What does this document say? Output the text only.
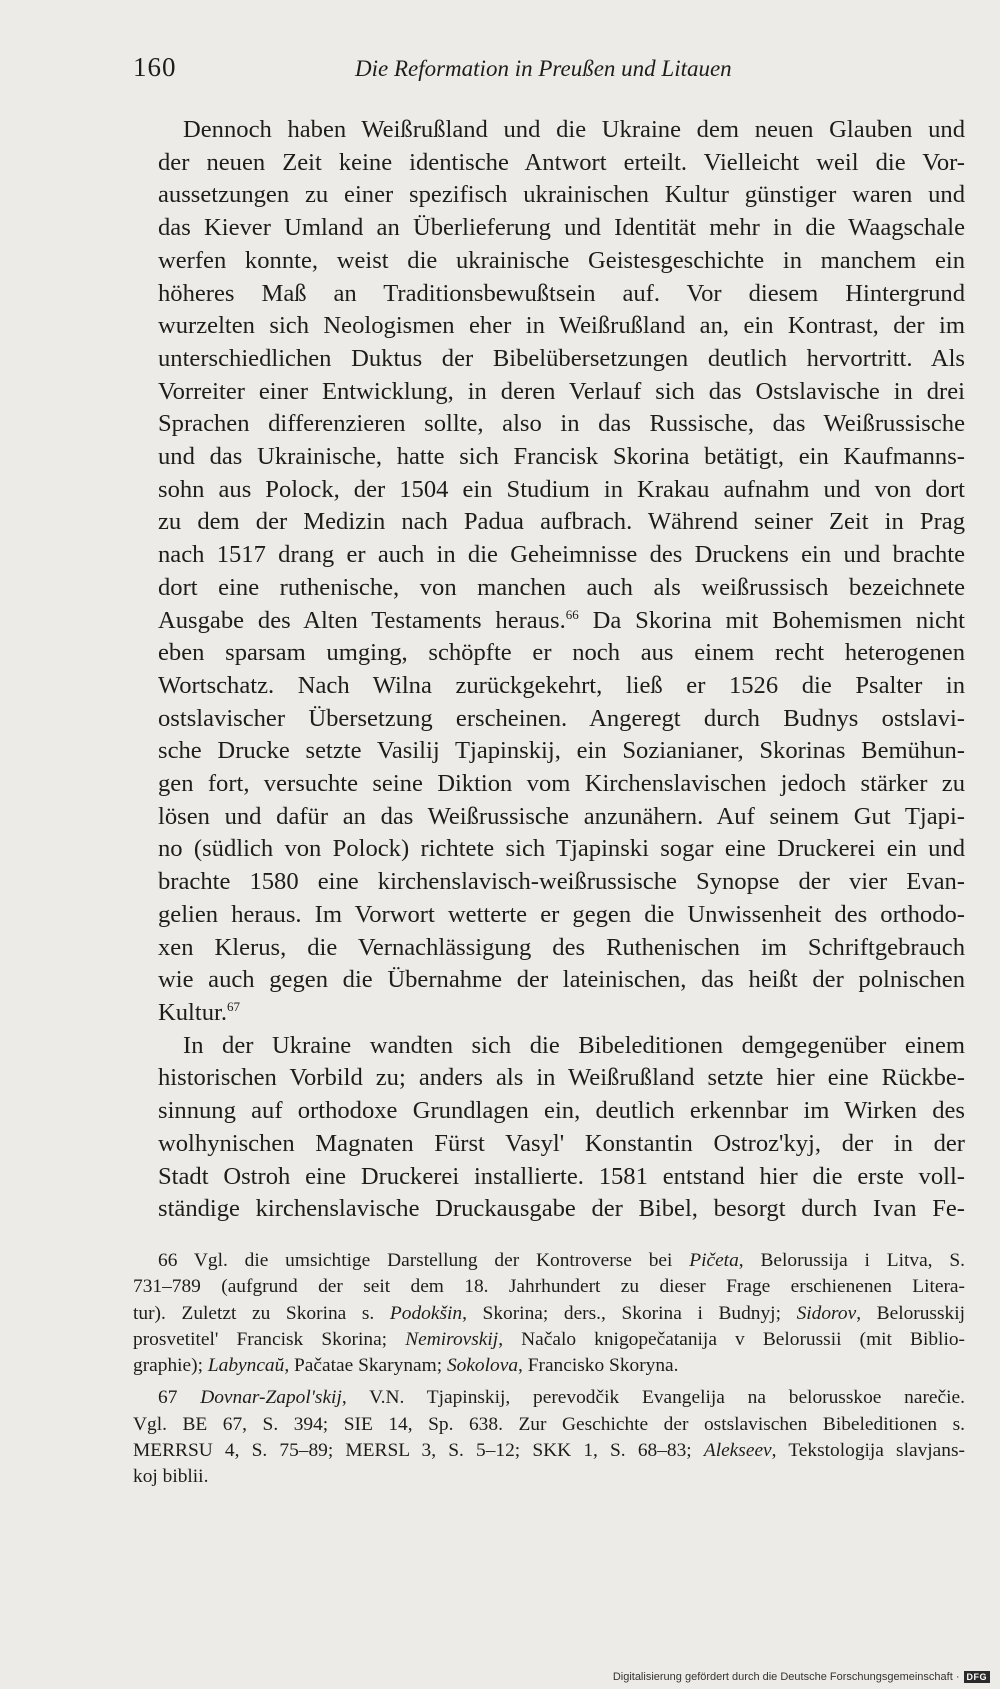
160	Die Reformation in Preußen und Litauen
Dennoch haben Weißrußland und die Ukraine dem neuen Glauben und
der neuen Zeit keine identische Antwort erteilt. Vielleicht weil die Vor-
aussetzungen zu einer spezifisch ukrainischen Kultur günstiger waren und
das Kiever Umland an Überlieferung und Identität mehr in die Waagschale
werfen konnte, weist die ukrainische Geistesgeschichte in manchem ein
höheres Maß an Traditionsbewußtsein auf. Vor diesem Hintergrund
wurzelten sich Neologismen eher in Weißrußland an, ein Kontrast, der im
unterschiedlichen Duktus der Bibelübersetzungen deutlich hervortritt. Als
Vorreiter einer Entwicklung, in deren Verlauf sich das Ostslavische in drei
Sprachen differenzieren sollte, also in das Russische, das Weißrussische
und das Ukrainische, hatte sich Francisk Skorina betätigt, ein Kaufmanns-
sohn aus Polock, der 1504 ein Studium in Krakau aufnahm und von dort
zu dem der Medizin nach Padua aufbrach. Während seiner Zeit in Prag
nach 1517 drang er auch in die Geheimnisse des Druckens ein und brachte
dort eine ruthenische, von manchen auch als weißrussisch bezeichnete
Ausgabe des Alten Testaments heraus.$^{66}$ Da Skorina mit Bohemismen nicht
eben sparsam umging, schöpfte er noch aus einem recht heterogenen
Wortschatz. Nach Wilna zurückgekehrt, ließ er 1526 die Psalter in
ostslavischer Übersetzung erscheinen. Angeregt durch Budnys ostslavi-
sche Drucke setzte Vasilij Tjapinskij, ein Sozianianer, Skorinas Bemühun-
gen fort, versuchte seine Diktion vom Kirchenslavischen jedoch stärker zu
lösen und dafür an das Weißrussische anzunähern. Auf seinem Gut Tjapi-
no (südlich von Polock) richtete sich Tjapinski sogar eine Druckerei ein und
brachte 1580 eine kirchenslavisch-weißrussische Synopse der vier Evan-
gelien heraus. Im Vorwort wetterte er gegen die Unwissenheit des orthodo-
xen Klerus, die Vernachlässigung des Ruthenischen im Schriftgebrauch
wie auch gegen die Übernahme der lateinischen, das heißt der polnischen
Kultur.$^{67}$
In der Ukraine wandten sich die Bibeleditionen demgegenüber einem
historischen Vorbild zu; anders als in Weißrußland setzte hier eine Rückbe-
sinnung auf orthodoxe Grundlagen ein, deutlich erkennbar im Wirken des
wolhynischen Magnaten Fürst Vasyl' Konstantin Ostroz'kyj, der in der
Stadt Ostroh eine Druckerei installierte. 1581 entstand hier die erste voll-
ständige kirchenslavische Druckausgabe der Bibel, besorgt durch Ivan Fe-
66 Vgl. die umsichtige Darstellung der Kontroverse bei Pičeta, Belorussija i Litva, S.
731–789 (aufgrund der seit dem 18. Jahrhundert zu dieser Frage erschienenen Litera-
tur). Zuletzt zu Skorina s. Podokšin, Skorina; ders., Skorina i Budnyj; Sidorov, Belorusskij
prosvetitel' Francisk Skorina; Nemirovskij, Načalo knigopečatanija v Belorussii (mit Biblio-
graphie); Labyncaŭ, Pačatae Skarynam; Sokolova, Francisko Skoryna.
67 Dovnar-Zapol'skij, V.N. Tjapinskij, perevodčik Evangelija na belorusskoe narečie.
Vgl. BE 67, S. 394; SIE 14, Sp. 638. Zur Geschichte der ostslavischen Bibeleditionen s.
MERRSU 4, S. 75–89; MERSL 3, S. 5–12; SKK 1, S. 68–83; Alekseev, Tekstologija slavjans-
koj biblii.
Digitalisierung gefördert durch die Deutsche Forschungsgemeinschaft · DFG
